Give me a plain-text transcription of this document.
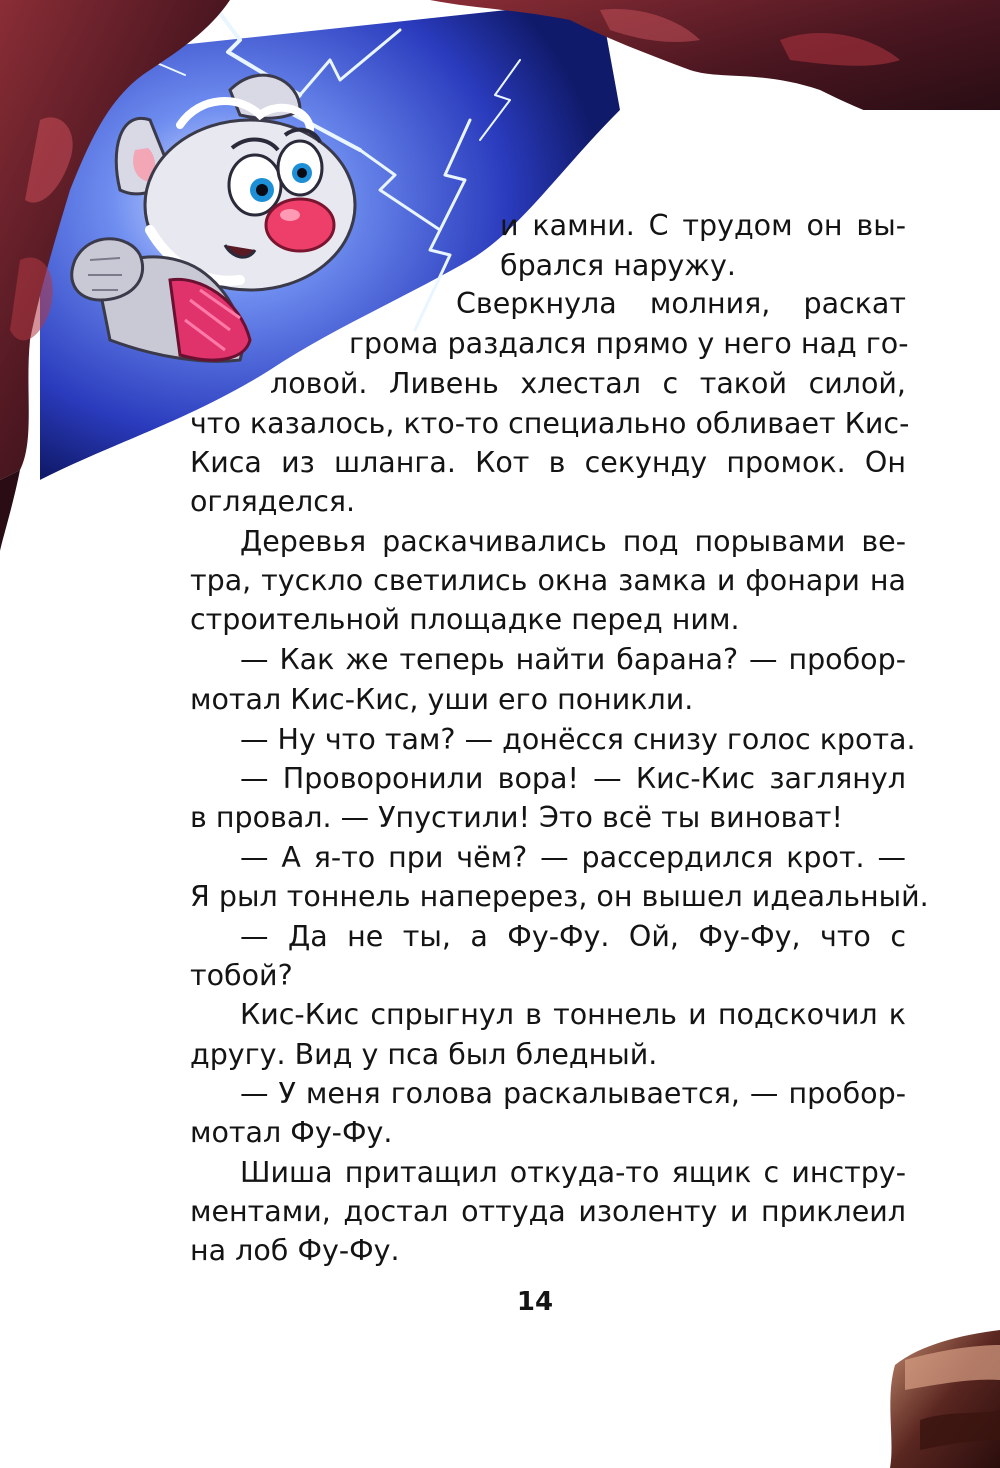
и камни. С трудом он вы-
брался наружу.
Сверкнула молния, раскат
грома раздался прямо у него над го-
ловой. Ливень хлестал с такой силой,
что казалось, кто-то специально обливает Кис-
Киса из шланга. Кот в секунду промок. Он
огляделся.
Деревья раскачивались под порывами ве-
тра, тускло светились окна замка и фонари на
строительной площадке перед ним.
— Как же теперь найти барана? — пробор-
мотал Кис-Кис, уши его поникли.
— Ну что там? — донёсся снизу голос крота.
— Проворонили вора! — Кис-Кис заглянул
в провал. — Упустили! Это всё ты виноват!
— А я-то при чём? — рассердился крот. —
Я рыл тоннель наперерез, он вышел идеальный.
— Да не ты, а Фу-Фу. Ой, Фу-Фу, что с
тобой?
Кис-Кис спрыгнул в тоннель и подскочил к
другу. Вид у пса был бледный.
— У меня голова раскалывается, — пробор-
мотал Фу-Фу.
Шиша притащил откуда-то ящик с инстру-
ментами, достал оттуда изоленту и приклеил
на лоб Фу-Фу.
14
